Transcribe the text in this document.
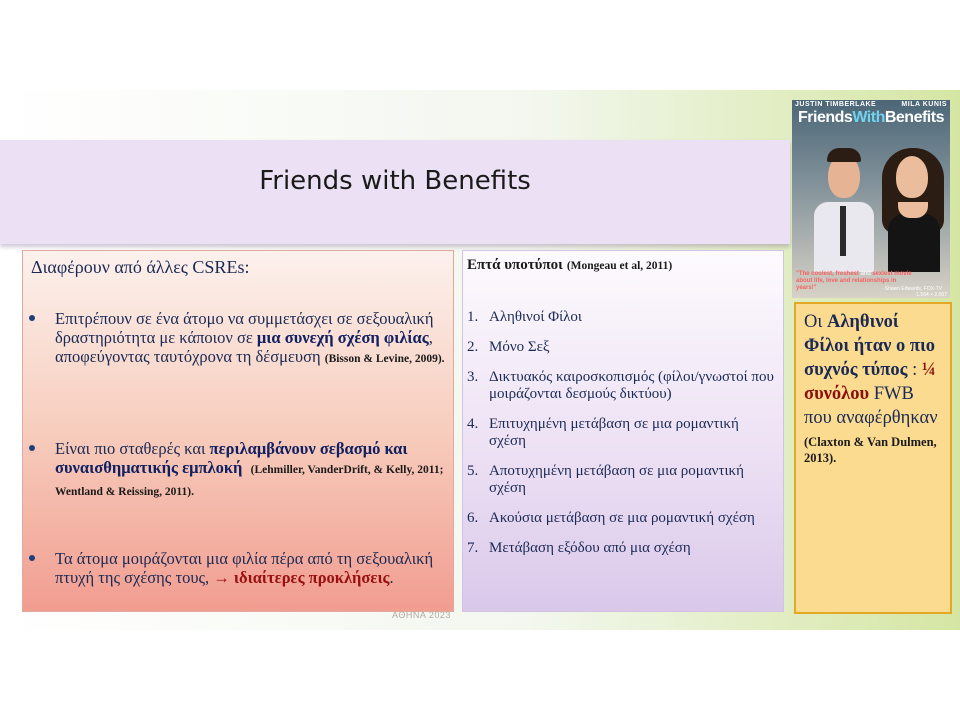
Friends with Benefits
Διαφέρουν από άλλες CSREs:
Επιτρέπουν σε ένα άτομο να συμμετάσχει σε σεξουαλική δραστηριότητα με κάποιον σε μια συνεχή σχέση φιλίας, αποφεύγοντας ταυτόχρονα τη δέσμευση (Bisson & Levine, 2009).
Είναι πιο σταθερές και περιλαμβάνουν σεβασμό και συναισθηματικής εμπλοκή (Lehmiller, VanderDrift, & Kelly, 2011; Wentland & Reissing, 2011).
Τα άτομα μοιράζονται μια φιλία πέρα από τη σεξουαλική πτυχή της σχέσης τους, → ιδιαίτερες προκλήσεις.
Επτά υποτύποι (Mongeau et al, 2011)
1. Αληθινοί Φίλοι
2. Μόνο Σεξ
3. Δικτυακός καιροσκοπισμός (φίλοι/γνωστοί που μοιράζονται δεσμούς δικτύου)
4. Επιτυχημένη μετάβαση σε μια ρομαντική σχέση
5. Αποτυχημένη μετάβαση σε μια ρομαντική σχέση
6. Ακούσια μετάβαση σε μια ρομαντική σχέση
7. Μετάβαση εξόδου από μια σχέση
JUSTIN TIMBERLAKE	MILA KUNIS
FriendsWithBenefits
"The coolest, freshest and sexiest movie about life, love and relationships in years!"	-Shawn Edwards, FOX-TV
1.564 × 2.007
Οι Αληθινοί Φίλοι ήταν ο πιο συχνός τύπος : ¼ συνόλου FWB που αναφέρθηκαν
(Claxton & Van Dulmen, 2013).
ΑΘΗΝΑ 2023
